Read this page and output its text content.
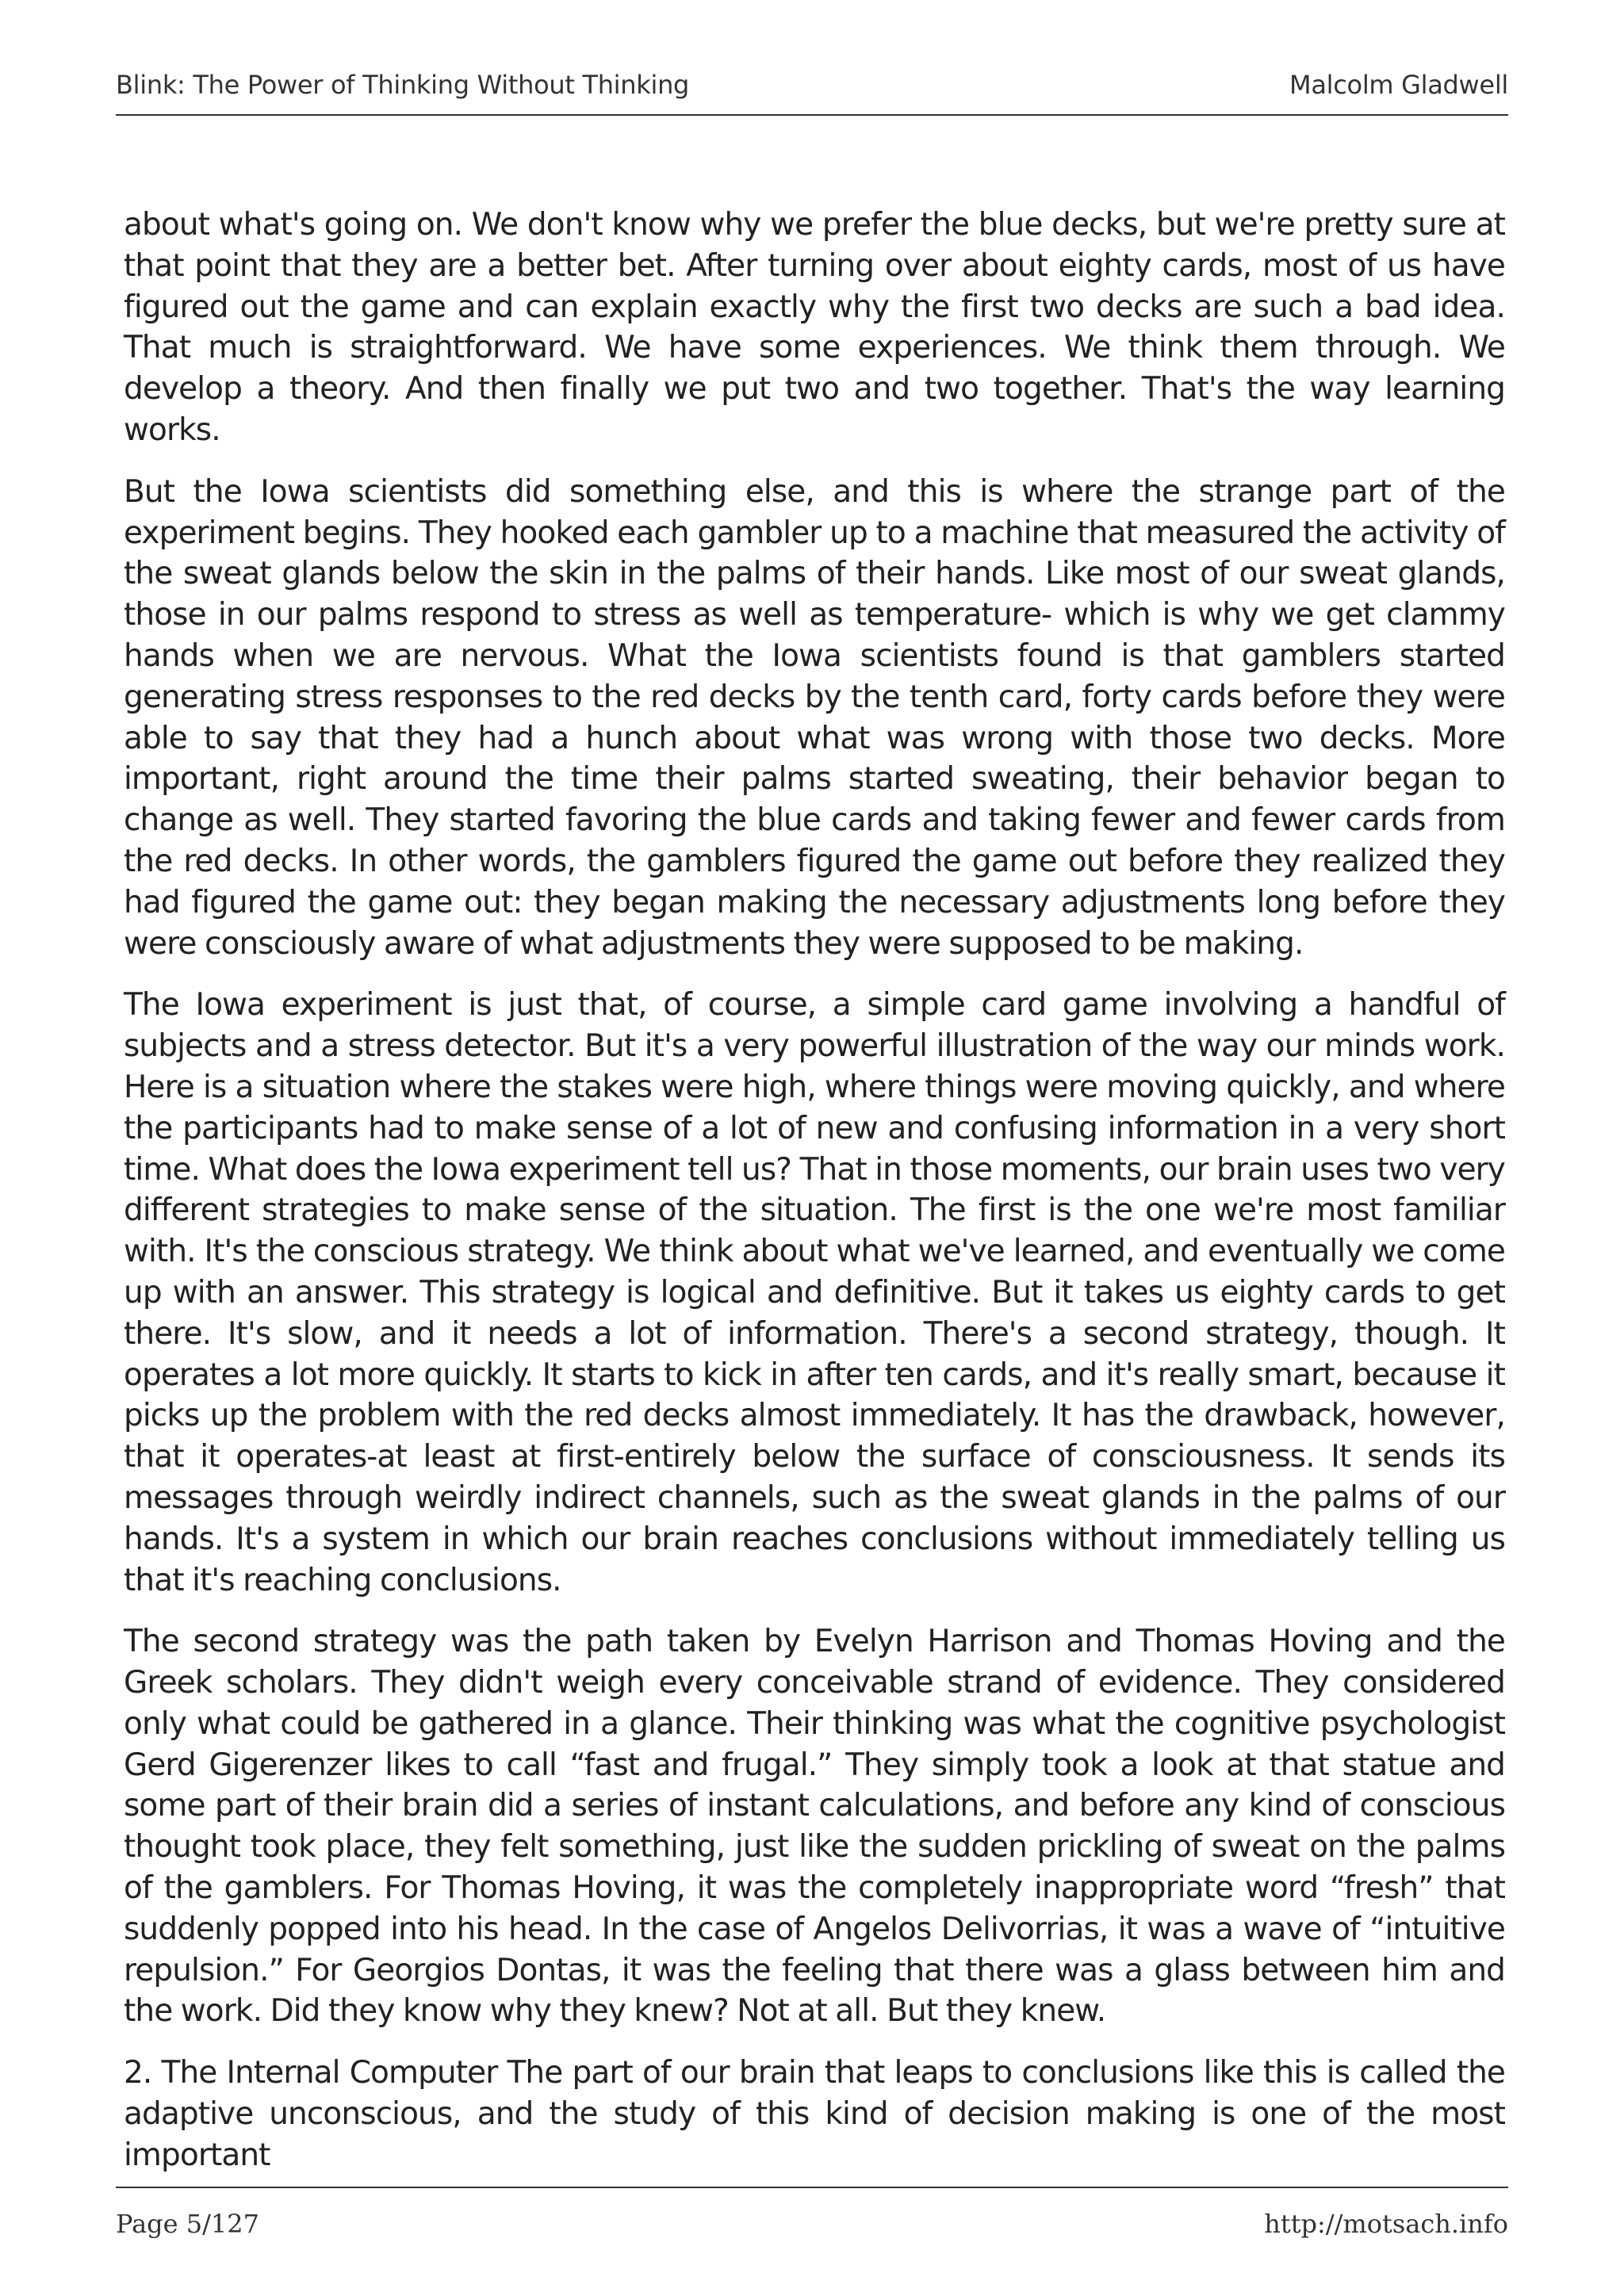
Blink: The Power of Thinking Without Thinking	Malcolm Gladwell

about what's going on. We don't know why we prefer the blue decks, but we're pretty sure at that point that they are a better bet. After turning over about eighty cards, most of us have figured out the game and can explain exactly why the first two decks are such a bad idea. That much is straightforward. We have some experiences. We think them through. We develop a theory. And then finally we put two and two together. That's the way learning works.

But the Iowa scientists did something else, and this is where the strange part of the experiment begins. They hooked each gambler up to a machine that measured the activity of the sweat glands below the skin in the palms of their hands. Like most of our sweat glands, those in our palms respond to stress as well as temperature- which is why we get clammy hands when we are nervous. What the Iowa scientists found is that gamblers started generating stress responses to the red decks by the tenth card, forty cards before they were able to say that they had a hunch about what was wrong with those two decks. More important, right around the time their palms started sweating, their behavior began to change as well. They started favoring the blue cards and taking fewer and fewer cards from the red decks. In other words, the gamblers figured the game out before they realized they had figured the game out: they began making the necessary adjustments long before they were consciously aware of what adjustments they were supposed to be making.

The Iowa experiment is just that, of course, a simple card game involving a handful of subjects and a stress detector. But it's a very powerful illustration of the way our minds work. Here is a situation where the stakes were high, where things were moving quickly, and where the participants had to make sense of a lot of new and confusing information in a very short time. What does the Iowa experiment tell us? That in those moments, our brain uses two very different strategies to make sense of the situation. The first is the one we're most familiar with. It's the conscious strategy. We think about what we've learned, and eventually we come up with an answer. This strategy is logical and definitive. But it takes us eighty cards to get there. It's slow, and it needs a lot of information. There's a second strategy, though. It operates a lot more quickly. It starts to kick in after ten cards, and it's really smart, because it picks up the problem with the red decks almost immediately. It has the drawback, however, that it operates-at least at first-entirely below the surface of consciousness. It sends its messages through weirdly indirect channels, such as the sweat glands in the palms of our hands. It's a system in which our brain reaches conclusions without immediately telling us that it's reaching conclusions.

The second strategy was the path taken by Evelyn Harrison and Thomas Hoving and the Greek scholars. They didn't weigh every conceivable strand of evidence. They considered only what could be gathered in a glance. Their thinking was what the cognitive psychologist Gerd Gigerenzer likes to call “fast and frugal.” They simply took a look at that statue and some part of their brain did a series of instant calculations, and before any kind of conscious thought took place, they felt something, just like the sudden prickling of sweat on the palms of the gamblers. For Thomas Hoving, it was the completely inappropriate word “fresh” that suddenly popped into his head. In the case of Angelos Delivorrias, it was a wave of “intuitive repulsion.” For Georgios Dontas, it was the feeling that there was a glass between him and the work. Did they know why they knew? Not at all. But they knew.

2. The Internal Computer The part of our brain that leaps to conclusions like this is called the adaptive unconscious, and the study of this kind of decision making is one of the most important

Page 5/127	http://motsach.info
